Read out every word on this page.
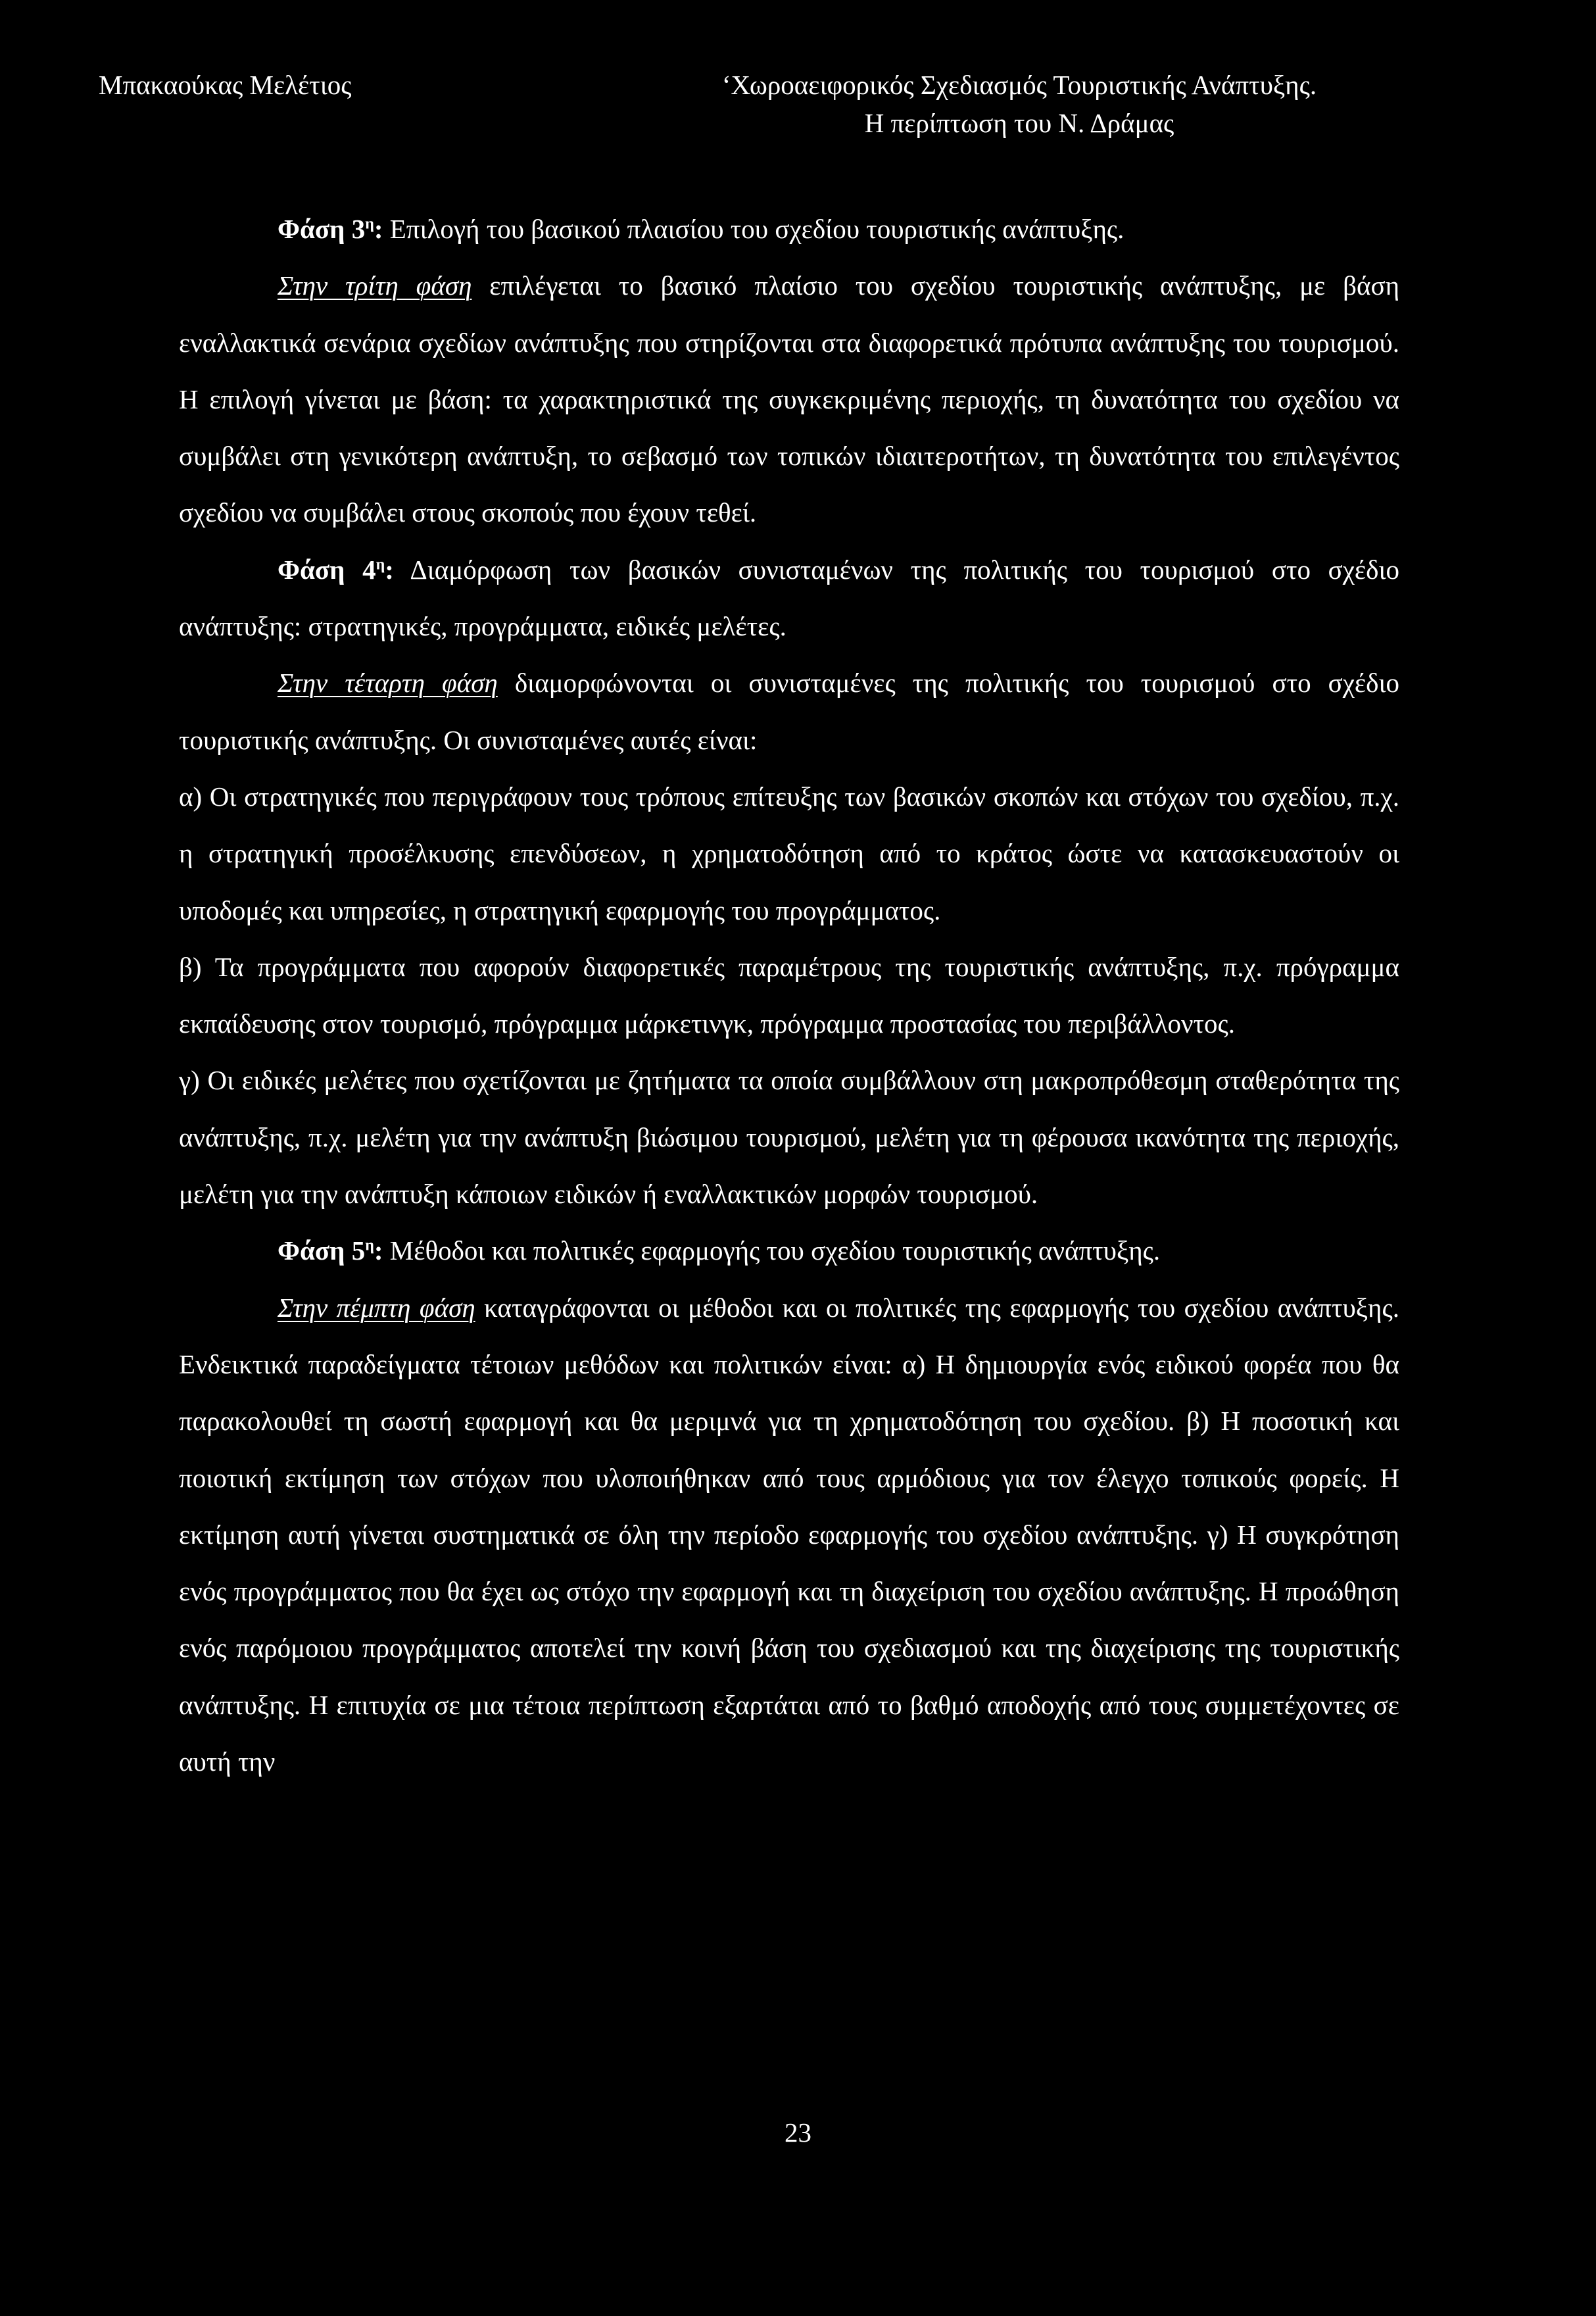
Μπακαούκας Μελέτιος	‘Χωροαειφορικός Σχεδιασμός Τουριστικής Ανάπτυξης.
Η περίπτωση του Ν. Δράμας

Φάση $3^\eta$: Επιλογή του βασικού πλαισίου του σχεδίου τουριστικής ανάπτυξης.

Στην τρίτη φάση επιλέγεται το βασικό πλαίσιο του σχεδίου τουριστικής ανάπτυξης, με βάση εναλλακτικά σενάρια σχεδίων ανάπτυξης που στηρίζονται στα διαφορετικά πρότυπα ανάπτυξης του τουρισμού. Η επιλογή γίνεται με βάση: τα χαρακτηριστικά της συγκεκριμένης περιοχής, τη δυνατότητα του σχεδίου να συμβάλει στη γενικότερη ανάπτυξη, το σεβασμό των τοπικών ιδιαιτεροτήτων, τη δυνατότητα του επιλεγέντος σχεδίου να συμβάλει στους σκοπούς που έχουν τεθεί.

Φάση $4^\eta$: Διαμόρφωση των βασικών συνισταμένων της πολιτικής του τουρισμού στο σχέδιο ανάπτυξης: στρατηγικές, προγράμματα, ειδικές μελέτες.

Στην τέταρτη φάση διαμορφώνονται οι συνισταμένες της πολιτικής του τουρισμού στο σχέδιο τουριστικής ανάπτυξης. Οι συνισταμένες αυτές είναι:

α) Οι στρατηγικές που περιγράφουν τους τρόπους επίτευξης των βασικών σκοπών και στόχων του σχεδίου, π.χ. η στρατηγική προσέλκυσης επενδύσεων, η χρηματοδότηση από το κράτος ώστε να κατασκευαστούν οι υποδομές και υπηρεσίες, η στρατηγική εφαρμογής του προγράμματος.

β) Τα προγράμματα που αφορούν διαφορετικές παραμέτρους της τουριστικής ανάπτυξης, π.χ. πρόγραμμα εκπαίδευσης στον τουρισμό, πρόγραμμα μάρκετινγκ, πρόγραμμα προστασίας του περιβάλλοντος.

γ) Οι ειδικές μελέτες που σχετίζονται με ζητήματα τα οποία συμβάλλουν στη μακροπρόθεσμη σταθερότητα της ανάπτυξης, π.χ. μελέτη για την ανάπτυξη βιώσιμου τουρισμού, μελέτη για τη φέρουσα ικανότητα της περιοχής, μελέτη για την ανάπτυξη κάποιων ειδικών ή εναλλακτικών μορφών τουρισμού.

Φάση $5^\eta$: Μέθοδοι και πολιτικές εφαρμογής του σχεδίου τουριστικής ανάπτυξης.

Στην πέμπτη φάση καταγράφονται οι μέθοδοι και οι πολιτικές της εφαρμογής του σχεδίου ανάπτυξης. Ενδεικτικά παραδείγματα τέτοιων μεθόδων και πολιτικών είναι: α) Η δημιουργία ενός ειδικού φορέα που θα παρακολουθεί τη σωστή εφαρμογή και θα μεριμνά για τη χρηματοδότηση του σχεδίου. β) Η ποσοτική και ποιοτική εκτίμηση των στόχων που υλοποιήθηκαν από τους αρμόδιους για τον έλεγχο τοπικούς φορείς. Η εκτίμηση αυτή γίνεται συστηματικά σε όλη την περίοδο εφαρμογής του σχεδίου ανάπτυξης. γ) Η συγκρότηση ενός προγράμματος που θα έχει ως στόχο την εφαρμογή και τη διαχείριση του σχεδίου ανάπτυξης. Η προώθηση ενός παρόμοιου προγράμματος αποτελεί την κοινή βάση του σχεδιασμού και της διαχείρισης της τουριστικής ανάπτυξης. Η επιτυχία σε μια τέτοια περίπτωση εξαρτάται από το βαθμό αποδοχής από τους συμμετέχοντες σε αυτή την

23
